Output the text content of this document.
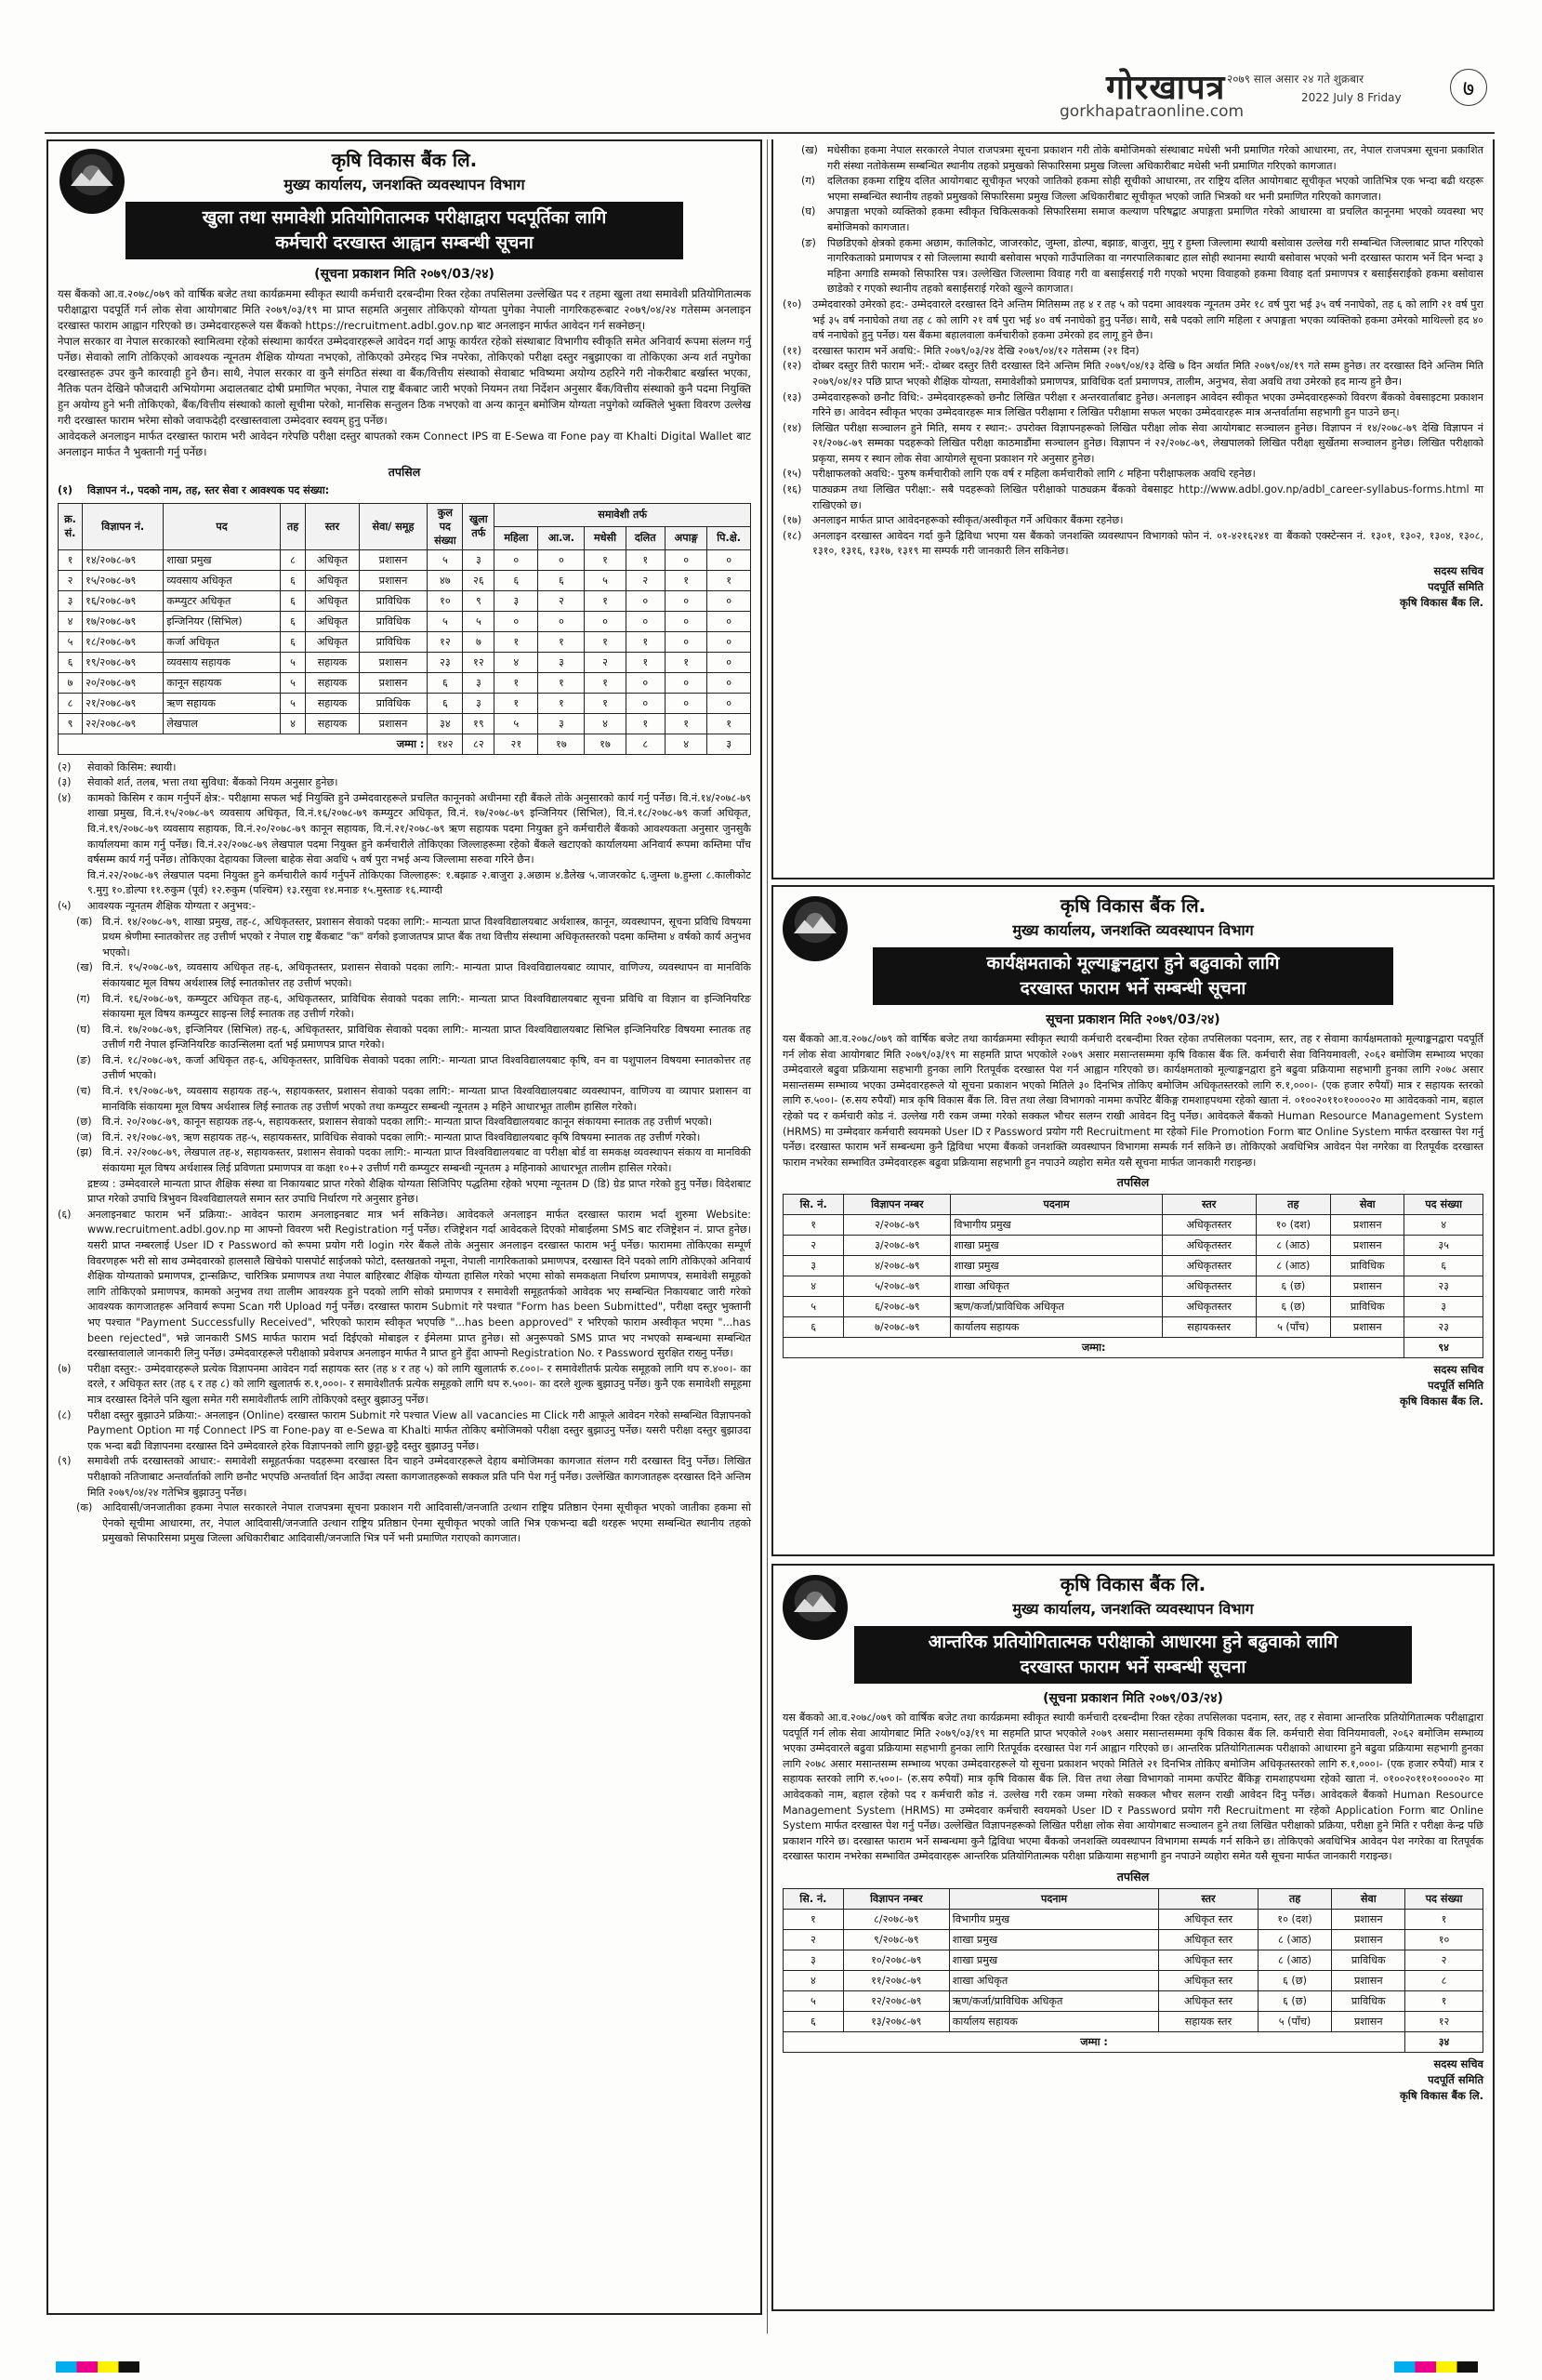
gorkhapatraonline.com
गोरखापत्र २०७९ साल असार २४ गते शुक्रबार
2022 July 8 Friday	७
कृषि विकास बैंक लि.
मुख्य कार्यालय, जनशक्ति व्यवस्थापन विभाग
खुला तथा समावेशी प्रतियोगितात्मक परीक्षाद्वारा पदपूर्तिका लागि
कर्मचारी दरखास्त आह्वान सम्बन्धी सूचना
(सूचना प्रकाशन मिति २०७९/03/२४)
यस बैंकको आ.व.२०७८/०७९ को वार्षिक बजेट तथा कार्यक्रममा स्वीकृत स्थायी कर्मचारी दरबन्दीमा रिक्त रहेका तपसिलमा उल्लेखित पद र तहमा खुला तथा समावेशी प्रतियोगितात्मक परीक्षाद्वारा पदपूर्ति गर्न लोक सेवा आयोगबाट मिति २०७९/०३/१९ मा प्राप्त सहमति अनुसार तोकिएको योग्यता पुगेका नेपाली नागरिकहरूबाट २०७९/०४/२४ गतेसम्म अनलाइन दरखास्त फाराम आह्वान गरिएको छ। उम्मेदवारहरूले यस बैंकको https://recruitment.adbl.gov.np बाट अनलाइन मार्फत आवेदन गर्न सक्नेछन्।
नेपाल सरकार वा नेपाल सरकारको स्वामित्वमा रहेको संस्थामा कार्यरत उम्मेदवारहरूले आवेदन गर्दा आफू कार्यरत रहेको संस्थाबाट विभागीय स्वीकृति समेत अनिवार्य रूपमा संलग्न गर्नु पर्नेछ। सेवाको लागि तोकिएको आवश्यक न्यूनतम शैक्षिक योग्यता नभएको, तोकिएको उमेरहद भित्र नपरेका, तोकिएको परीक्षा दस्तुर नबुझाएका वा तोकिएका अन्य शर्त नपुगेका दरखास्तहरू उपर कुनै कारवाही हुने छैन। साथै, नेपाल सरकार वा कुनै संगठित संस्था वा बैंक/वित्तीय संस्थाको सेवाबाट भविष्यमा अयोग्य ठहरिने गरी नोकरीबाट बर्खास्त भएका, नैतिक पतन देखिने फौजदारी अभियोगमा अदालतबाट दोषी प्रमाणित भएका, नेपाल राष्ट्र बैंकबाट जारी भएको नियमन तथा निर्देशन अनुसार बैंक/वित्तीय संस्थाको कुनै पदमा नियुक्ति हुन अयोग्य हुने भनी तोकिएको, बैंक/वित्तीय संस्थाको कालो सूचीमा परेको, मानसिक सन्तुलन ठिक नभएको वा अन्य कानून बमोजिम योग्यता नपुगेको व्यक्तिले भुक्ता विवरण उल्लेख गरी दरखास्त फाराम भरेमा सोको जवाफदेही दरखास्तवाला उम्मेदवार स्वयम् हुनु पर्नेछ।
आवेदकले अनलाइन मार्फत दरखास्त फाराम भरी आवेदन गरेपछि परीक्षा दस्तुर बापतको रकम Connect IPS वा E-Sewa वा Fone pay वा Khalti Digital Wallet बाट अनलाइन मार्फत नै भुक्तानी गर्नु पर्नेछ।
तपसिल
(१)	विज्ञापन नं., पदको नाम, तह, स्तर सेवा र आवश्यक पद संख्या:
क्र. सं.	विज्ञापन नं.	पद	तह	स्तर	सेवा/ समूह	कुल पद संख्या	खुला तर्फ	समावेशी तर्फ					
								महिला	आ.ज.	मधेसी	दलित	अपाङ्ग	पि.क्षे.
१	१४/२०७८-७९	शाखा प्रमुख	८	अधिकृत	प्रशासन	५	३	०	०	१	१	०	०
२	१५/२०७८-७९	व्यवसाय अधिकृत	६	अधिकृत	प्रशासन	४७	२६	६	६	५	२	१	१
३	१६/२०७८-७९	कम्प्युटर अधिकृत	६	अधिकृत	प्राविधिक	१०	९	३	२	१	०	०	०
४	१७/२०७८-७९	इन्जिनियर (सिभिल)	६	अधिकृत	प्राविधिक	५	५	०	०	०	०	०	०
५	१८/२०७८-७९	कर्जा अधिकृत	६	अधिकृत	प्राविधिक	१२	७	१	१	१	१	०	०
६	१९/२०७८-७९	व्यवसाय सहायक	५	सहायक	प्रशासन	२३	१२	४	३	२	१	१	०
७	२०/२०७८-७९	कानून सहायक	५	सहायक	प्रशासन	६	३	१	१	१	०	०	०
८	२१/२०७८-७९	ऋण सहायक	५	सहायक	प्राविधिक	६	३	१	१	१	०	०	०
९	२२/२०७८-७९	लेखपाल	४	सहायक	प्रशासन	३४	१९	५	३	४	१	१	१
जम्मा :						१४२	८२	२१	१७	१७	८	४	३
(२)	सेवाको किसिम: स्थायी।
(३)	सेवाको शर्त, तलब, भत्ता तथा सुविधा: बैंकको नियम अनुसार हुनेछ।
(४)	कामको किसिम र काम गर्नुपर्ने क्षेत्र:- परीक्षामा सफल भई नियुक्ति हुने उम्मेदवारहरूले प्रचलित कानूनको अधीनमा रही बैंकले तोके अनुसारको कार्य गर्नु पर्नेछ। वि.नं.१४/२०७८-७९ शाखा प्रमुख, वि.नं.१५/२०७८-७९ व्यवसाय अधिकृत, वि.नं.१६/२०७८-७९ कम्प्युटर अधिकृत, वि.नं. १७/२०७८-७९ इन्जिनियर (सिभिल), वि.नं.१८/२०७८-७९ कर्जा अधिकृत, वि.नं.१९/२०७८-७९ व्यवसाय सहायक, वि.नं.२०/२०७८-७९ कानून सहायक, वि.नं.२१/२०७८-७९ ऋण सहायक पदमा नियुक्त हुने कर्मचारीले बैंकको आवश्यकता अनुसार जुनसुकै कार्यालयमा काम गर्नु पर्नेछ। वि.नं.२२/२०७८-७९ लेखपाल पदमा नियुक्त हुने कर्मचारीले तोकिएका जिल्लाहरूमा रहेको बैंकले खटाएको कार्यालयमा अनिवार्य रूपमा कम्तिमा पाँच वर्षसम्म कार्य गर्नु पर्नेछ। तोकिएका देहायका जिल्ला बाहेक सेवा अवधि ५ वर्ष पुरा नभई अन्य जिल्लामा सरुवा गरिने छैन।
वि.नं.२२/२०७८-७९ लेखपाल पदमा नियुक्त हुने कर्मचारीले कार्य गर्नुपर्ने तोकिएका जिल्लाहरू: १.बझाङ २.बाजुरा ३.अछाम ४.डैलेख ५.जाजरकोट ६.जुम्ला ७.हुम्ला ८.कालीकोट ९.मुगु १०.डोल्पा ११.रुकुम (पूर्व) १२.रुकुम (पश्चिम) १३.रसुवा १४.मनाङ १५.मुस्ताङ १६.म्याग्दी
(५)	आवश्यक न्यूनतम शैक्षिक योग्यता र अनुभव:-
(क) वि.नं. १४/२०७८-७९, शाखा प्रमुख, तह-८, अधिकृतस्तर, प्रशासन सेवाको पदका लागि:- मान्यता प्राप्त विश्वविद्यालयबाट अर्थशास्त्र, कानून, व्यवस्थापन, सूचना प्रविधि विषयमा प्रथम श्रेणीमा स्नातकोत्तर तह उत्तीर्ण भएको र नेपाल राष्ट्र बैंकबाट "क" वर्गको इजाजतपत्र प्राप्त बैंक तथा वित्तीय संस्थामा अधिकृतस्तरको पदमा कम्तिमा ४ वर्षको कार्य अनुभव भएको।
(ख) वि.नं. १५/२०७८-७९, व्यवसाय अधिकृत तह-६, अधिकृतस्तर, प्रशासन सेवाको पदका लागि:- मान्यता प्राप्त विश्वविद्यालयबाट व्यापार, वाणिज्य, व्यवस्थापन वा मानविकि संकायबाट मूल विषय अर्थशास्त्र लिई स्नातकोत्तर तह उत्तीर्ण भएको।
(ग)	वि.नं. १६/२०७८-७९, कम्प्युटर अधिकृत तह-६, अधिकृतस्तर, प्राविधिक सेवाको पदका लागि:- मान्यता प्राप्त विश्वविद्यालयबाट सूचना प्रविधि वा विज्ञान वा इन्जिनियरिङ संकायमा मूल विषय कम्प्युटर साइन्स लिई स्नातक तह उत्तीर्ण गरेको।
(घ)	वि.नं. १७/२०७८-७९, इन्जिनियर (सिभिल) तह-६, अधिकृतस्तर, प्राविधिक सेवाको पदका लागि:- मान्यता प्राप्त विश्वविद्यालयबाट सिभिल इन्जिनियरिङ विषयमा स्नातक तह उत्तीर्ण गरी नेपाल इन्जिनियरिङ काउन्सिलमा दर्ता भई प्रमाणपत्र प्राप्त गरेको।
(ङ)	वि.नं. १८/२०७८-७९, कर्जा अधिकृत तह-६, अधिकृतस्तर, प्राविधिक सेवाको पदका लागि:- मान्यता प्राप्त विश्वविद्यालयबाट कृषि, वन वा पशुपालन विषयमा स्नातकोत्तर तह उत्तीर्ण भएको।
(च)	वि.नं. १९/२०७८-७९, व्यवसाय सहायक तह-५, सहायकस्तर, प्रशासन सेवाको पदका लागि:- मान्यता प्राप्त विश्वविद्यालयबाट व्यवस्थापन, वाणिज्य वा व्यापार प्रशासन वा मानविकि संकायमा मूल विषय अर्थशास्त्र लिई स्नातक तह उत्तीर्ण भएको तथा कम्प्युटर सम्बन्धी न्यूनतम ३ महिने आधारभूत तालीम हासिल गरेको।
(छ)	वि.नं. २०/२०७८-७९, कानून सहायक तह-५, सहायकस्तर, प्रशासन सेवाको पदका लागि:- मान्यता प्राप्त विश्वविद्यालयबाट कानून संकायमा स्नातक तह उत्तीर्ण भएको।
(ज) वि.नं. २१/२०७८-७९, ऋण सहायक तह-५, सहायकस्तर, प्राविधिक सेवाको पदका लागि:- मान्यता प्राप्त विश्वविद्यालयबाट कृषि विषयमा स्नातक तह उत्तीर्ण गरेको।
(झ) वि.नं. २२/२०७८-७९, लेखपाल तह-४, सहायकस्तर, प्रशासन सेवाको पदका लागि:- मान्यता प्राप्त विश्वविद्यालयबाट वा परीक्षा बोर्ड वा समकक्ष व्यवस्थापन संकाय वा मानविकी संकायमा मूल विषय अर्थशास्त्र लिई प्रविणता प्रमाणपत्र वा कक्षा १०+२ उत्तीर्ण गरी कम्प्युटर सम्बन्धी न्यूनतम ३ महिनाको आधारभूत तालीम हासिल गरेको।
द्रष्टव्य : उम्मेदवारले मान्यता प्राप्त शैक्षिक संस्था वा निकायबाट प्राप्त गरेको शैक्षिक योग्यता सिजिपिए पद्धतिमा रहेको भएमा न्यूनतम D (डि) ग्रेड प्राप्त गरेको हुनु पर्नेछ। विदेशबाट प्राप्त गरेको उपाधि त्रिभुवन विश्वविद्यालयले समान स्तर उपाधि निर्धारण गरे अनुसार हुनेछ।
(६)	अनलाइनबाट फाराम भर्ने प्रक्रिया:- आवेदन फाराम अनलाइनबाट मात्र भर्न सकिनेछ। आवेदकले अनलाइन मार्फत दरखास्त फाराम भर्दा शुरुमा Website: www.recruitment.adbl.gov.np मा आफ्नो विवरण भरी Registration गर्नु पर्नेछ। रजिष्ट्रेशन गर्दा आवेदकले दिएको मोबाईलमा SMS बाट रजिष्ट्रेशन नं. प्राप्त हुनेछ। यसरी प्राप्त नम्बरलाई User ID र Password को रूपमा प्रयोग गरी login गरेर बैंकले तोके अनुसार अनलाइन दरखास्त फाराम भर्नु पर्नेछ। फाराममा तोकिएका सम्पूर्ण विवरणहरू भरी सो साथ उम्मेदवारको हालसालै खिचेको पासपोर्ट साईजको फोटो, दस्तखतको नमूना, नेपाली नागरिकताको प्रमाणपत्र, दरखास्त दिने पदको लागि तोकिएको अनिवार्य शैक्षिक योग्यताको प्रमाणपत्र, ट्रान्सक्रिप्ट, चारित्रिक प्रमाणपत्र तथा नेपाल बाहिरबाट शैक्षिक योग्यता हासिल गरेको भएमा सोको समकक्षता निर्धारण प्रमाणपत्र, समावेशी समूहको लागि तोकिएको प्रमाणपत्र, कामको अनुभव तथा तालीम आवश्यक हुने पदको लागि सोको प्रमाणपत्र र समावेशी समूहतर्फको आवेदक भए सम्बन्धित निकायबाट जारी गरेको आवश्यक कागजातहरू अनिवार्य रूपमा Scan गरी Upload गर्नु पर्नेछ। दरखास्त फाराम Submit गरे पश्चात "Form has been Submitted", परीक्षा दस्तुर भुक्तानी भए पश्चात "Payment Successfully Received", भरिएको फाराम स्वीकृत भएपछि "...has been approved" र भरिएको फाराम अस्वीकृत भएमा "...has been rejected", भन्ने जानकारी SMS मार्फत फाराम भर्दा दिईएको मोबाइल र ईमेलमा प्राप्त हुनेछ। सो अनुरूपको SMS प्राप्त भए नभएको सम्बन्धमा सम्बन्धित दरखास्तवालाले जानकारी लिनु पर्नेछ। उम्मेदवारहरूले परीक्षाको प्रवेशपत्र अनलाइन मार्फत नै प्राप्त हुने हुँदा आफ्नो Registration No. र Password सुरक्षित राख्नु पर्नेछ।
(७)	परीक्षा दस्तुर:- उम्मेदवारहरूले प्रत्येक विज्ञापनमा आवेदन गर्दा सहायक स्तर (तह ४ र तह ५) को लागि खुलातर्फ रु.८००।- र समावेशीतर्फ प्रत्येक समूहको लागि थप रु.४००।- का दरले, र अधिकृत स्तर (तह ६ र तह ८) को लागि खुलातर्फ रु.१,०००।- र समावेशीतर्फ प्रत्येक समूहको लागि थप रु.५००।- का दरले शुल्क बुझाउनु पर्नेछ। कुनै एक समावेशी समूहमा मात्र दरखास्त दिनेले पनि खुला समेत गरी समावेशीतर्फ लागि तोकिएको दस्तुर बुझाउनु पर्नेछ।
(८)	परीक्षा दस्तुर बुझाउने प्रक्रिया:- अनलाइन (Online) दरखास्त फाराम Submit गरे पश्चात View all vacancies मा Click गरी आफूले आवेदन गरेको सम्बन्धित विज्ञापनको Payment Option मा गई Connect IPS वा Fone-pay वा e-Sewa वा Khalti मार्फत तोकिए बमोजिमको परीक्षा दस्तुर बुझाउनु पर्नेछ। यसरी परीक्षा दस्तुर बुझाउदा एक भन्दा बढी विज्ञापनमा दरखास्त दिने उम्मेदवारले हरेक विज्ञापनको लागि छुट्टा-छुट्टै दस्तुर बुझाउनु पर्नेछ।
(९)	समावेशी तर्फ दरखास्तको आधार:- समावेशी समूहतर्फका पदहरूमा दरखास्त दिन चाहने उम्मेदवारहरूले देहाय बमोजिमका कागजात संलग्न गरी दरखास्त दिनु पर्नेछ। लिखित परीक्षाको नतिजाबाट अन्तर्वार्ताको लागि छनौट भएपछि अन्तर्वार्ता दिन आउँदा त्यस्ता कागजातहरूको सक्कल प्रति पनि पेश गर्नु पर्नेछ। उल्लेखित कागजातहरू दरखास्त दिने अन्तिम मिति २०७९/०४/२४ गतेभित्र बुझाउनु पर्नेछ।
(क) आदिवासी/जनजातीका हकमा नेपाल सरकारले नेपाल राजपत्रमा सूचना प्रकाशन गरी आदिवासी/जनजाति उत्थान राष्ट्रिय प्रतिष्ठान ऐनमा सूचीकृत भएको जातीका हकमा सो ऐनको सूचीमा आधारमा, तर, नेपाल आदिवासी/जनजाति उत्थान राष्ट्रिय प्रतिष्ठान ऐनमा सूचीकृत भएको जाति भित्र एकभन्दा बढी थरहरू भएमा सम्बन्धित स्थानीय तहको प्रमुखको सिफारिसमा प्रमुख जिल्ला अधिकारीबाट आदिवासी/जनजाति भित्र पर्ने भनी प्रमाणित गराएको कागजात।
(ख) मधेसीका हकमा नेपाल सरकारले नेपाल राजपत्रमा सूचना प्रकाशन गरी तोके बमोजिमको संस्थाबाट मधेसी भनी प्रमाणित गरेको आधारमा, तर, नेपाल राजपत्रमा सूचना प्रकाशित गरी संस्था नतोकेसम्म सम्बन्धित स्थानीय तहको प्रमुखको सिफारिसमा प्रमुख जिल्ला अधिकारीबाट मधेसी भनी प्रमाणित गरिएको कागजात।
(ग)	दलितका हकमा राष्ट्रिय दलित आयोगबाट सूचीकृत भएको जातिको हकमा सोही सूचीको आधारमा, तर राष्ट्रिय दलित आयोगबाट सूचीकृत भएको जातिभित्र एक भन्दा बढी थरहरू भएमा सम्बन्धित स्थानीय तहको प्रमुखको सिफारिसमा प्रमुख जिल्ला अधिकारीबाट सूचीकृत भएको जाति भित्रको थर भनी प्रमाणित गरिएको कागजात।
(घ)	अपाङ्गता भएको व्यक्तिको हकमा स्वीकृत चिकित्सकको सिफारिसमा समाज कल्याण परिषद्बाट अपाङ्गता प्रमाणित गरेको आधारमा वा प्रचलित कानूनमा भएको व्यवस्था भए बमोजिमको कागजात।
(ङ)	पिछडिएको क्षेत्रको हकमा अछाम, कालिकोट, जाजरकोट, जुम्ला, डोल्पा, बझाङ, बाजुरा, मुगु र हुम्ला जिल्लामा स्थायी बसोवास उल्लेख गरी सम्बन्धित जिल्लाबाट प्राप्त गरिएको नागरिकताको प्रमाणपत्र र सो जिल्लामा स्थायी बसोवास भएको गाउँपालिका वा नगरपालिकाबाट हाल सोही स्थानमा स्थायी बसोवास भएको भनी दरखास्त फाराम भर्ने दिन भन्दा ३ महिना अगाडि सम्मको सिफारिस पत्र। उल्लेखित जिल्लामा विवाह गरी वा बसाईसराई गरी गएको भएमा विवाहको हकमा विवाह दर्ता प्रमाणपत्र र बसाईसराईको हकमा बसोवास छाडेको र गएको स्थानीय तहको बसाईसराई गरेको खुल्ने कागजात।
(१०)	उम्मेदवारको उमेरको हद:- उम्मेदवारले दरखास्त दिने अन्तिम मितिसम्म तह ४ र तह ५ को पदमा आवश्यक न्यूनतम उमेर १८ वर्ष पुरा भई ३५ वर्ष ननाघेको, तह ६ को लागि २१ वर्ष पुरा भई ३५ वर्ष ननाघेको तथा तह ८ को लागि २१ वर्ष पुरा भई ४० वर्ष ननाघेको हुनु पर्नेछ। साथै, सबै पदको लागि महिला र अपाङ्गता भएका व्यक्तिको हकमा उमेरको माथिल्लो हद ४० वर्ष ननाघेको हुनु पर्नेछ। यस बैंकमा बहालवाला कर्मचारीको हकमा उमेरको हद लागू हुने छैन।
(११)	दरखास्त फाराम भर्ने अवधि:- मिति २०७९/०३/२४ देखि २०७९/०४/१२ गतेसम्म (२१ दिन)
(१२)	दोब्बर दस्तुर तिरी फाराम भर्ने:- दोब्बर दस्तुर तिरी दरखास्त दिने अन्तिम मिति २०७९/०४/१३ देखि ७ दिन अर्थात मिति २०७९/०४/१९ गते सम्म हुनेछ। तर दरखास्त दिने अन्तिम मिति २०७९/०४/१२ पछि प्राप्त भएको शैक्षिक योग्यता, समावेशीको प्रमाणपत्र, प्राविधिक दर्ता प्रमाणपत्र, तालीम, अनुभव, सेवा अवधि तथा उमेरको हद मान्य हुने छैन।
(१३)	उम्मेदवारहरूको छनौट विधि:- उम्मेदवारहरूको छनौट लिखित परीक्षा र अन्तरवार्ताबाट हुनेछ। अनलाइन आवेदन स्वीकृत भएका उम्मेदवारहरूको विवरण बैंकको वेबसाइटमा प्रकाशन गरिने छ। आवेदन स्वीकृत भएका उम्मेदवारहरू मात्र लिखित परीक्षामा र लिखित परीक्षामा सफल भएका उम्मेदवारहरू मात्र अन्तर्वार्तामा सहभागी हुन पाउने छन्।
(१४)	लिखित परीक्षा सञ्चालन हुने मिति, समय र स्थान:- उपरोक्त विज्ञापनहरूको लिखित परीक्षा लोक सेवा आयोगबाट सञ्चालन हुनेछ। विज्ञापन नं १४/२०७८-७९ देखि विज्ञापन नं २१/२०७८-७९ सम्मका पदहरूको लिखित परीक्षा काठमाडौंमा सञ्चालन हुनेछ। विज्ञापन नं २२/२०७८-७९, लेखपालको लिखित परीक्षा सुर्खेतमा सञ्चालन हुनेछ। लिखित परीक्षाको प्रकृया, समय र स्थान लोक सेवा आयोगले सूचना प्रकाशन गरे अनुसार हुनेछ।
(१५)	परीक्षाफलको अवधि:- पुरुष कर्मचारीको लागि एक वर्ष र महिला कर्मचारीको लागि ८ महिना परीक्षाफलक अवधि रहनेछ।
(१६)	पाठ्यक्रम तथा लिखित परीक्षा:- सबै पदहरूको लिखित परीक्षाको पाठ्यक्रम बैंकको वेबसाइट http://www.adbl.gov.np/adbl_career-syllabus-forms.html मा राखिएको छ।
(१७)	अनलाइन मार्फत प्राप्त आवेदनहरूको स्वीकृत/अस्वीकृत गर्ने अधिकार बैंकमा रहनेछ।
(१८)	अनलाइन दरखास्त आवेदन गर्दा कुनै द्विविधा भएमा यस बैंकको जनशक्ति व्यवस्थापन विभागको फोन नं. ०१-४२१६२४१ वा बैंकको एक्स्टेन्सन नं. १३०१, १३०२, १३०४, १३०८, १३१०, १३१६, १३१७, १३१९ मा सम्पर्क गरी जानकारी लिन सकिनेछ।
सदस्य सचिव
पदपूर्ति समिति
कृषि विकास बैंक लि.
कृषि विकास बैंक लि.
मुख्य कार्यालय, जनशक्ति व्यवस्थापन विभाग
कार्यक्षमताको मूल्याङ्कनद्वारा हुने बढुवाको लागि
दरखास्त फाराम भर्ने सम्बन्धी सूचना
सूचना प्रकाशन मिति २०७९/03/२४)
यस बैंकको आ.व.२०७८/०७९ को वार्षिक बजेट तथा कार्यक्रममा स्वीकृत स्थायी कर्मचारी दरबन्दीमा रिक्त रहेका तपसिलका पदनाम, स्तर, तह र सेवामा कार्यक्षमताको मूल्याङ्कनद्वारा पदपूर्ति गर्न लोक सेवा आयोगबाट मिति २०७९/०३/१९ मा सहमति प्राप्त भएकोले २०७९ असार मसान्तसम्ममा कृषि विकास बैंक लि. कर्मचारी सेवा विनियमावली, २०६२ बमोजिम सम्भाव्य भएका उम्मेदवारले बढुवा प्रक्रियामा सहभागी हुनका लागि रितपूर्वक दरखास्त पेश गर्न आह्वान गरिएको छ। कार्यक्षमताको मूल्याङ्कनद्वारा हुने बढुवा प्रक्रियामा सहभागी हुनका लागि २०७८ असार मसान्तसम्म सम्भाव्य भएका उम्मेदवारहरूले यो सूचना प्रकाशन भएको मितिले ३० दिनभित्र तोकिए बमोजिम अधिकृतस्तरको लागि रु.१,०००।- (एक हजार रुपैयाँ) मात्र र सहायक स्तरको लागि रु.५००।- (रु.सय रुपैयाँ) मात्र कृषि विकास बैंक लि. वित्त तथा लेखा विभागको नाममा कर्पोरेट बैंकिङ्ग रामशाहपथमा रहेको खाता नं. ०१००२०११०१००००२० मा आवेदकको नाम, बहाल रहेको पद र कर्मचारी कोड नं. उल्लेख गरी रकम जम्मा गरेको सक्कल भौचर सलग्न राखी आवेदन दिनु पर्नेछ। आवेदकले बैंकको Human Resource Management System (HRMS) मा उम्मेदवार कर्मचारी स्वयमको User ID र Password प्रयोग गरी Recruitment मा रहेको File Promotion Form बाट Online System मार्फत दरखास्त पेश गर्नु पर्नेछ। दरखास्त फाराम भर्ने सम्बन्धमा कुनै द्विविधा भएमा बैंकको जनशक्ति व्यवस्थापन विभागमा सम्पर्क गर्न सकिने छ। तोकिएको अवधिभित्र आवेदन पेश नगरेका वा रितपूर्वक दरखास्त फाराम नभरेका सम्भावित उम्मेदवारहरू बढुवा प्रक्रियामा सहभागी हुन नपाउने व्यहोरा समेत यसै सूचना मार्फत जानकारी गराइन्छ।
तपसिल
सि. नं.	विज्ञापन नम्बर	पदनाम	स्तर	तह	सेवा	पद संख्या
१	२/२०७८-७९	विभागीय प्रमुख	अधिकृतस्तर	१० (दश)	प्रशासन	४
२	३/२०७८-७९	शाखा प्रमुख	अधिकृतस्तर	८ (आठ)	प्रशासन	३५
३	४/२०७८-७९	शाखा प्रमुख	अधिकृतस्तर	८ (आठ)	प्राविधिक	६
४	५/२०७८-७९	शाखा अधिकृत	अधिकृतस्तर	६ (छ)	प्रशासन	२३
५	६/२०७८-७९	ऋण/कर्जा/प्राविधिक अधिकृत	अधिकृतस्तर	६ (छ)	प्राविधिक	३
६	७/२०७८-७९	कार्यालय सहायक	सहायकस्तर	५ (पाँच)	प्रशासन	२३
जम्मा:						९४
सदस्य सचिव
पदपूर्ति समिति
कृषि विकास बैंक लि.
कृषि विकास बैंक लि.
मुख्य कार्यालय, जनशक्ति व्यवस्थापन विभाग
आन्तरिक प्रतियोगितात्मक परीक्षाको आधारमा हुने बढुवाको लागि
दरखास्त फाराम भर्ने सम्बन्धी सूचना
(सूचना प्रकाशन मिति २०७९/03/२४)
यस बैंकको आ.व.२०७८/०७९ को वार्षिक बजेट तथा कार्यक्रममा स्वीकृत स्थायी कर्मचारी दरबन्दीमा रिक्त रहेका तपसिलका पदनाम, स्तर, तह र सेवामा आन्तरिक प्रतियोगितात्मक परीक्षाद्वारा पदपूर्ति गर्न लोक सेवा आयोगबाट मिति २०७९/०३/१९ मा सहमति प्राप्त भएकोले २०७९ असार मसान्तसम्ममा कृषि विकास बैंक लि. कर्मचारी सेवा विनियमावली, २०६२ बमोजिम सम्भाव्य भएका उम्मेदवारले बढुवा प्रक्रियामा सहभागी हुनका लागि रितपूर्वक दरखास्त पेश गर्न आह्वान गरिएको छ। आन्तरिक प्रतियोगितात्मक परीक्षाको आधारमा हुने बढुवा प्रक्रियामा सहभागी हुनका लागि २०७८ असार मसान्तसम्म सम्भाव्य भएका उम्मेदवारहरूले यो सूचना प्रकाशन भएको मितिले २१ दिनभित्र तोकिए बमोजिम अधिकृतस्तरको लागि रु.१,०००।- (एक हजार रुपैयाँ) मात्र र सहायक स्तरको लागि रु.५००।- (रु.सय रुपैयाँ) मात्र कृषि विकास बैंक लि. वित्त तथा लेखा विभागको नाममा कर्पोरेट बैंकिङ्ग रामशाहपथमा रहेको खाता नं. ०१००२०११०१००००२० मा आवेदकको नाम, बहाल रहेको पद र कर्मचारी कोड नं. उल्लेख गरी रकम जम्मा गरेको सक्कल भौचर सलग्न राखी आवेदन दिनु पर्नेछ। आवेदकले बैंकको Human Resource Management System (HRMS) मा उम्मेदवार कर्मचारी स्वयमको User ID र Password प्रयोग गरी Recruitment मा रहेको Application Form बाट Online System मार्फत दरखास्त पेश गर्नु पर्नेछ। उल्लेखित विज्ञापनहरूको लिखित परीक्षा लोक सेवा आयोगबाट सञ्चालन हुने तथा लिखित परीक्षाको प्रक्रिया, परीक्षा हुने मिति र परीक्षा केन्द्र पछि प्रकाशन गरिने छ। दरखास्त फाराम भर्ने सम्बन्धमा कुनै द्विविधा भएमा बैंकको जनशक्ति व्यवस्थापन विभागमा सम्पर्क गर्न सकिने छ। तोकिएको अवधिभित्र आवेदन पेश नगरेका वा रितपूर्वक दरखास्त फाराम नभरेका सम्भावित उम्मेदवारहरू आन्तरिक प्रतियोगितात्मक परीक्षा प्रक्रियामा सहभागी हुन नपाउने व्यहोरा समेत यसै सूचना मार्फत जानकारी गराइन्छ।
तपसिल
सि. नं.	विज्ञापन नम्बर	पदनाम	स्तर	तह	सेवा	पद संख्या
१	८/२०७८-७९	विभागीय प्रमुख	अधिकृत स्तर	१० (दश)	प्रशासन	१
२	९/२०७८-७९	शाखा प्रमुख	अधिकृत स्तर	८ (आठ)	प्रशासन	१०
३	१०/२०७८-७९	शाखा प्रमुख	अधिकृत स्तर	८ (आठ)	प्राविधिक	२
४	११/२०७८-७९	शाखा अधिकृत	अधिकृत स्तर	६ (छ)	प्रशासन	८
५	१२/२०७८-७९	ऋण/कर्जा/प्राविधिक अधिकृत	अधिकृत स्तर	६ (छ)	प्राविधिक	१
६	१३/२०७८-७९	कार्यालय सहायक	सहायक स्तर	५ (पाँच)	प्रशासन	१२
जम्मा :						३४
सदस्य सचिव
पदपूर्ति समिति
कृषि विकास बैंक लि.
